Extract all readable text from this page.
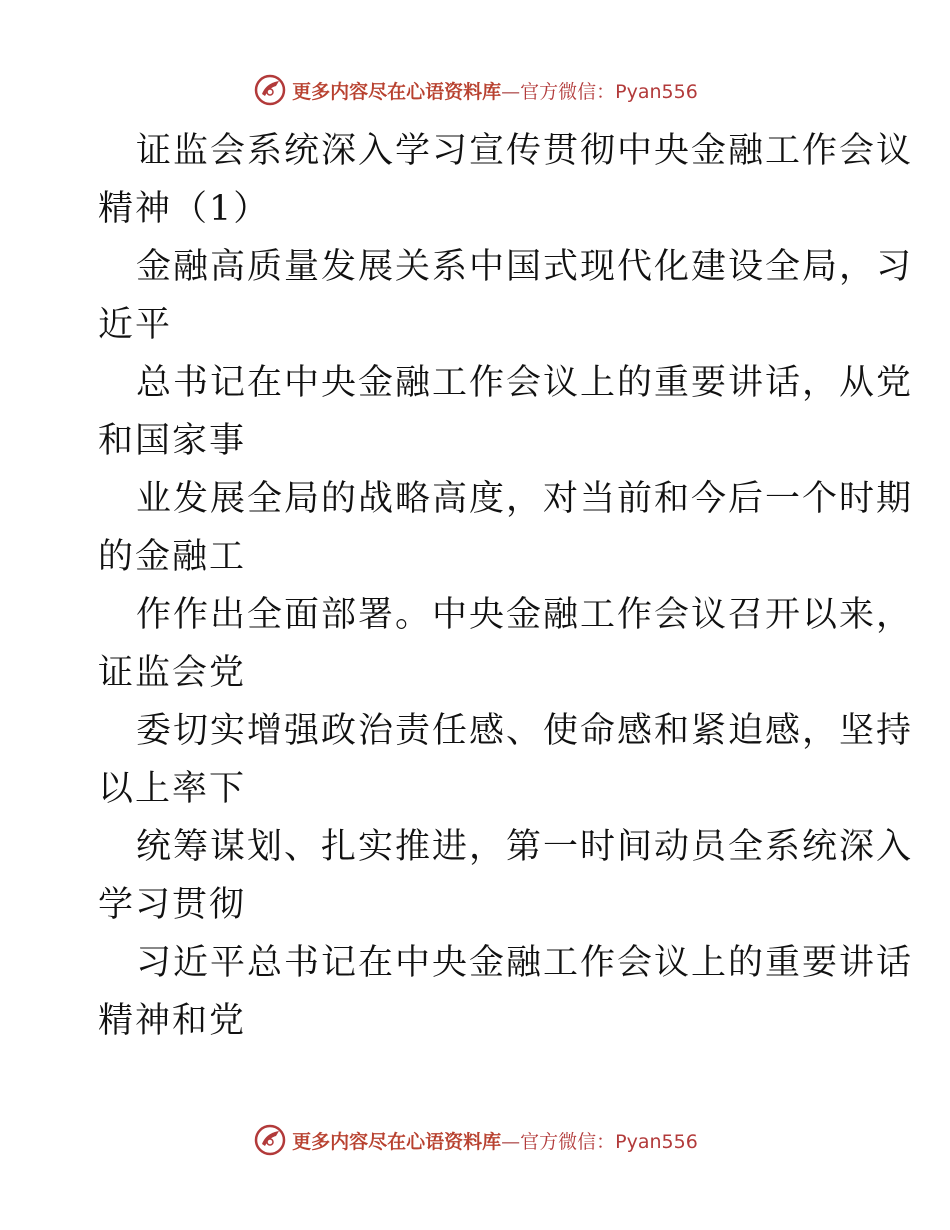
更多内容尽在心语资料库—官方微信：Pyan556

证监会系统深入学习宣传贯彻中央金融工作会议
精神（1）

金融高质量发展关系中国式现代化建设全局，习
近平

总书记在中央金融工作会议上的重要讲话，从党
和国家事

业发展全局的战略高度，对当前和今后一个时期
的金融工

作作出全面部署。中央金融工作会议召开以来，
证监会党

委切实增强政治责任感、使命感和紧迫感，坚持
以上率下

统筹谋划、扎实推进，第一时间动员全系统深入
学习贯彻

习近平总书记在中央金融工作会议上的重要讲话
精神和党

更多内容尽在心语资料库—官方微信：Pyan556
